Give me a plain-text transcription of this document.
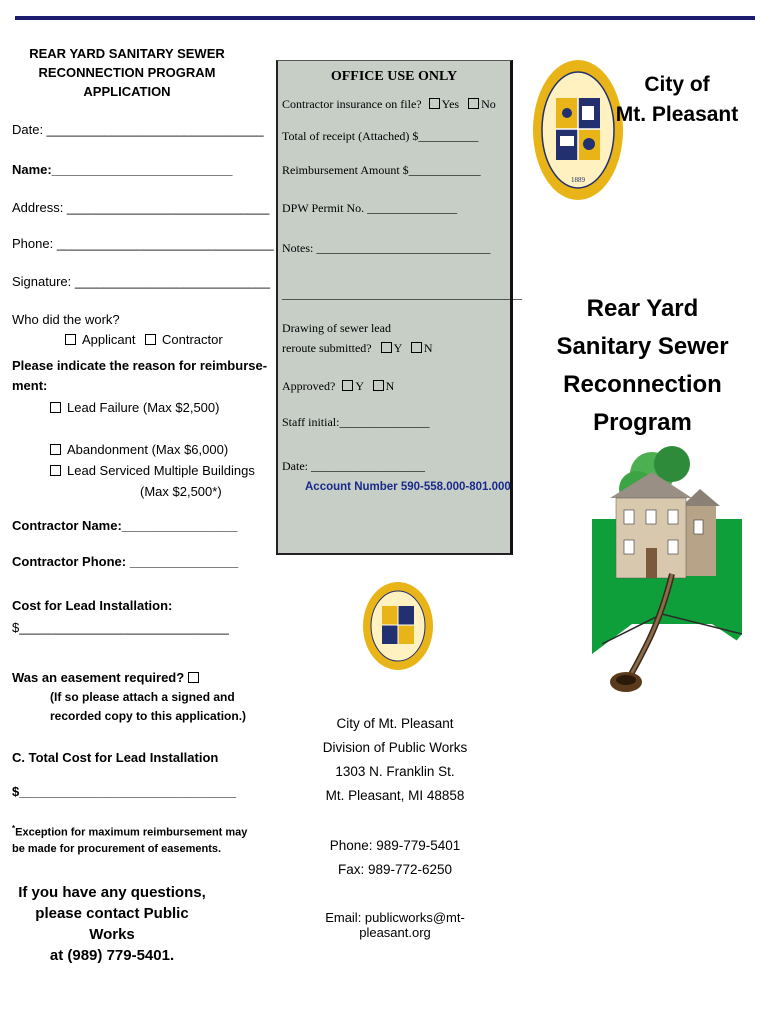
REAR YARD SANITARY SEWER
RECONNECTION PROGRAM
APPLICATION
Date: ______________________________
Name:_________________________
Address: ____________________________
Phone: ______________________________
Signature: ___________________________
Who did the work?
Applicant	Contractor
Please indicate the reason for reimburse-
ment:
Lead Failure (Max $2,500)
Abandonment (Max $6,000)
Lead Serviced Multiple Buildings
(Max $2,500*)
Contractor Name:________________
Contractor Phone: _______________
Cost for Lead Installation:
$_____________________________
Was an easement required?
(If so please attach a signed and
recorded copy to this application.)
C. Total Cost for Lead Installation
$______________________________
*Exception for maximum reimbursement may
be made for procurement of easements.
If you have any questions,
please contact Public Works
at (989) 779-5401.
OFFICE USE ONLY
Contractor insurance on file? Yes No
Total of receipt (Attached) $__________
Reimbursement Amount $____________
DPW Permit No. _______________
Notes: _____________________________
________________________________________
Drawing of sewer lead
reroute submitted? Y N
Approved? Y N
Staff initial:_______________
Date: ___________________
Account Number 590-558.000-801.000
City of Mt. Pleasant
Division of Public Works
1303 N. Franklin St.
Mt. Pleasant, MI 48858
Phone: 989-779-5401
Fax: 989-772-6250
Email: publicworks@mt-pleasant.org
1889
City of
Mt. Pleasant
Rear Yard
Sanitary Sewer
Reconnection Program
